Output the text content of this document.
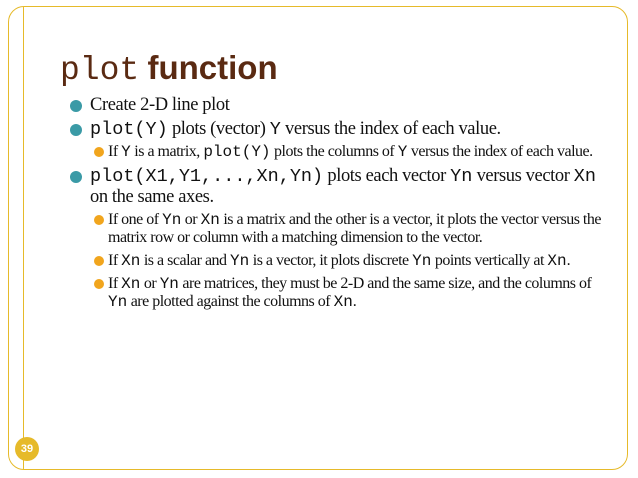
plot function
Create 2-D line plot
plot(Y) plots (vector) Y versus the index of each value.
If Y is a matrix, plot(Y) plots the columns of Y versus the index of each value.
plot(X1,Y1,...,Xn,Yn) plots each vector Yn versus vector Xn on the same axes.
If one of Yn or Xn is a matrix and the other is a vector, it plots the vector versus the matrix row or column with a matching dimension to the vector.
If Xn is a scalar and Yn is a vector, it plots discrete Yn points vertically at Xn.
If Xn or Yn are matrices, they must be 2-D and the same size, and the columns of Yn are plotted against the columns of Xn.
39
